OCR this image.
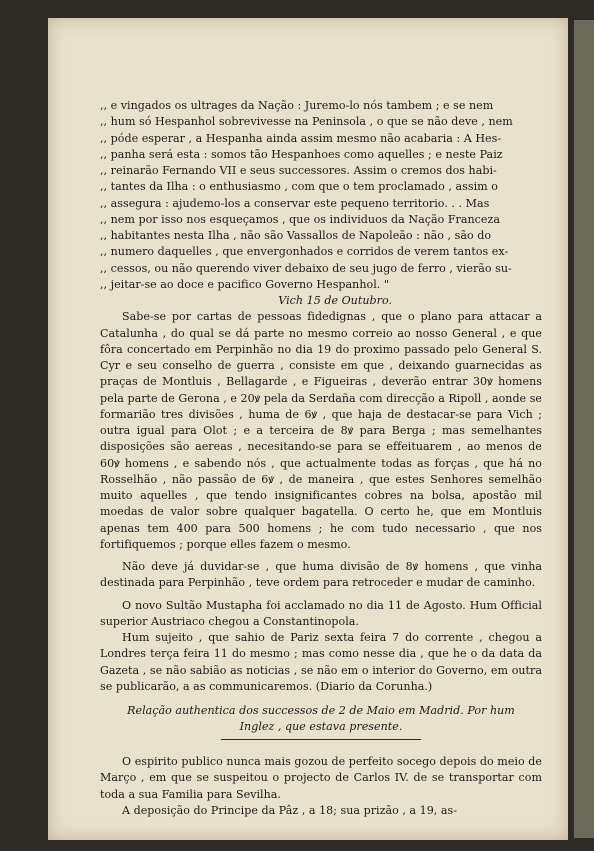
,, e vingados os ultrages da Nação : Juremo-lo nós tambem ; e se nem

,, hum só Hespanhol sobrevivesse na Peninsola , o que se não deve , nem

,, póde esperar , a Hespanha ainda assim mesmo não acabaria : A Hes-

,, panha será esta : somos tão Hespanhoes como aquelles ; e neste Paiz

,, reinarão Fernando VII e seus successores. Assim o cremos dos habi-

,, tantes da Ilha : o enthusiasmo , com que o tem proclamado , assim o

,, assegura : ajudemo-los a conservar este pequeno territorio. . . Mas

,, nem por isso nos esqueçamos , que os individuos da Nação Franceza

,, habitantes nesta Ilha , não são Vassallos de Napoleão : não , são do

,, numero daquelles , que envergonhados e corridos de verem tantos ex-

,, cessos, ou não querendo viver debaixo de seu jugo de ferro , vierão su-

,, jeitar-se ao doce e pacifico Governo Hespanhol. "

Vich 15 de Outubro.

Sabe-se por cartas de pessoas fidedignas , que o plano para attacar a Catalunha , do qual se dá parte no mesmo correio ao nosso General , e que fôra concertado em Perpinhão no dia 19 do proximo passado pelo General S. Cyr e seu conselho de guerra , consiste em que , deixando guarnecidas as praças de Montluis , Bellagarde , e Figueiras , deverão entrar 30ꝟ homens pela parte de Gerona , e 20ꝟ pela da Serdaña com direcção a Ripoll , aonde se formarião tres divisões , huma de 6ꝟ , que haja de destacar-se para Vich ; outra igual para Olot ; e a terceira de 8ꝟ para Berga ; mas semelhantes disposições são aereas , necesitando-se para se effeituarem , ao menos de 60ꝟ homens , e sabendo nós , que actualmente todas as forças , que há no Rosselhão , não passão de 6ꝟ , de maneira , que estes Senhores semelhão muito aquelles , que tendo insignificantes cobres na bolsa, apostão mil moedas de valor sobre qualquer bagatella. O certo he, que em Montluis apenas tem 400 para 500 homens ; he com tudo necessario , que nos fortifiquemos ; porque elles fazem o mesmo.

Não deve já duvidar-se , que huma divisão de 8ꝟ homens , que vinha destinada para Perpinhão , teve ordem para retroceder e mudar de caminho.

O novo Sultão Mustapha foi acclamado no dia 11 de Agosto. Hum Official superior Austriaco chegou a Constantinopola.

Hum sujeito , que sahio de Pariz sexta feira 7 do corrente , chegou a Londres terça feira 11 do mesmo ; mas como nesse dia , que he o da data da Gazeta , se não sabião as noticias , se não em o interior do Governo, em outra se publicarão, a as communicaremos. (Diario da Corunha.)

Relação authentica dos successos de 2 de Maio em Madrid. Por hum
Inglez , que estava presente.

O espirito publico nunca mais gozou de perfeito socego depois do meio de Março , em que se suspeitou o projecto de Carlos IV. de se transportar com toda a sua Familia para Sevilha.

A deposição do Principe da Pâz , a 18; sua prizão , a 19, as-
